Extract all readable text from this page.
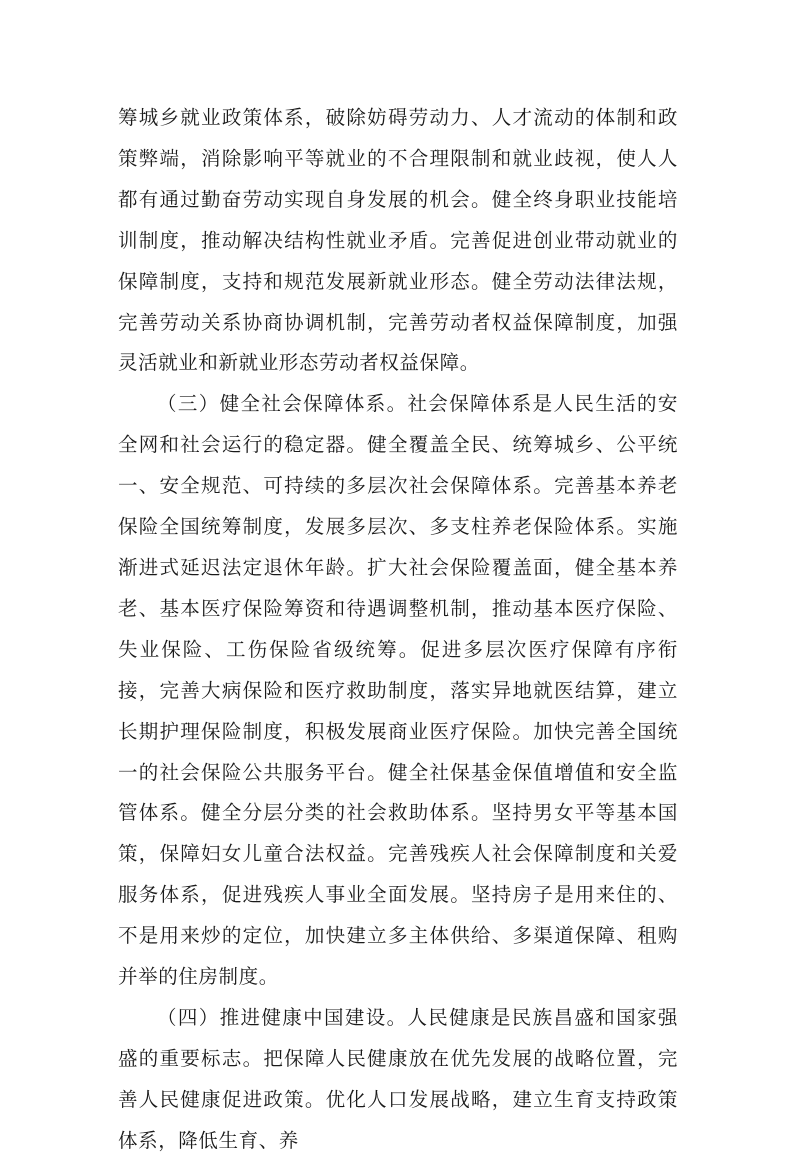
筹城乡就业政策体系，破除妨碍劳动力、人才流动的体制和政策弊端，消除影响平等就业的不合理限制和就业歧视，使人人都有通过勤奋劳动实现自身发展的机会。健全终身职业技能培训制度，推动解决结构性就业矛盾。完善促进创业带动就业的保障制度，支持和规范发展新就业形态。健全劳动法律法规，完善劳动关系协商协调机制，完善劳动者权益保障制度，加强灵活就业和新就业形态劳动者权益保障。

（三）健全社会保障体系。社会保障体系是人民生活的安全网和社会运行的稳定器。健全覆盖全民、统筹城乡、公平统一、安全规范、可持续的多层次社会保障体系。完善基本养老保险全国统筹制度，发展多层次、多支柱养老保险体系。实施渐进式延迟法定退休年龄。扩大社会保险覆盖面，健全基本养老、基本医疗保险筹资和待遇调整机制，推动基本医疗保险、失业保险、工伤保险省级统筹。促进多层次医疗保障有序衔接，完善大病保险和医疗救助制度，落实异地就医结算，建立长期护理保险制度，积极发展商业医疗保险。加快完善全国统一的社会保险公共服务平台。健全社保基金保值增值和安全监管体系。健全分层分类的社会救助体系。坚持男女平等基本国策，保障妇女儿童合法权益。完善残疾人社会保障制度和关爱服务体系，促进残疾人事业全面发展。坚持房子是用来住的、不是用来炒的定位，加快建立多主体供给、多渠道保障、租购并举的住房制度。

（四）推进健康中国建设。人民健康是民族昌盛和国家强盛的重要标志。把保障人民健康放在优先发展的战略位置，完善人民健康促进政策。优化人口发展战略，建立生育支持政策体系，降低生育、养
